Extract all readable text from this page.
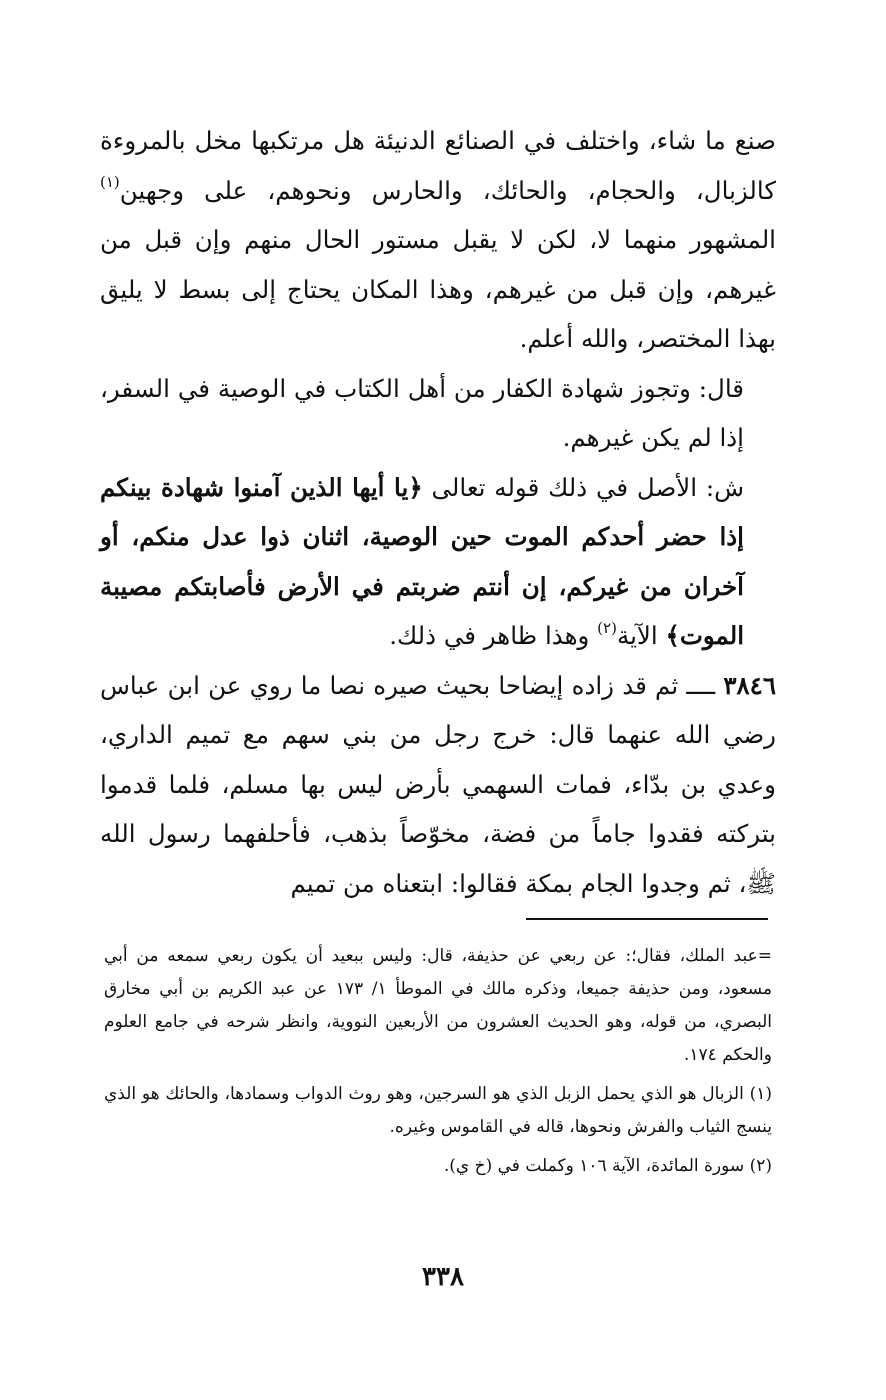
صنع ما شاء، واختلف في الصنائع الدنيئة هل مرتكبها مخل بالمروءة كالزبال، والحجام، والحائك، والحارس ونحوهم، على وجهين$^{(١)}$ المشهور منهما لا، لكن لا يقبل مستور الحال منهم وإن قبل من غيرهم، وإن قبل من غيرهم، وهذا المكان يحتاج إلى بسط لا يليق بهذا المختصر، والله أعلم.

قال: وتجوز شهادة الكفار من أهل الكتاب في الوصية في السفر، إذا لم يكن غيرهم.

ش: الأصل في ذلك قوله تعالى ﴿يا أيها الذين آمنوا شهادة بينكم إذا حضر أحدكم الموت حين الوصية، اثنان ذوا عدل منكم، أو آخران من غيركم، إن أنتم ضربتم في الأرض فأصابتكم مصيبة الموت﴾ الآية$^{(٢)}$ وهذا ظاهر في ذلك.

٣٨٤٦ ــــ ثم قد زاده إيضاحا بحيث صيره نصا ما روي عن ابن عباس رضي الله عنهما قال: خرج رجل من بني سهم مع تميم الداري، وعدي بن بدّاء، فمات السهمي بأرض ليس بها مسلم، فلما قدموا بتركته فقدوا جاماً من فضة، مخوّصاً بذهب، فأحلفهما رسول الله ﷺ، ثم وجدوا الجام بمكة فقالوا: ابتعناه من تميم

=عبد الملك، فقال؛: عن ربعي عن حذيفة، قال: وليس ببعيد أن يكون ربعي سمعه من أبي مسعود، ومن حذيفة جميعا، وذكره مالك في الموطأ ١/ ١٧٣ عن عبد الكريم بن أبي مخارق البصري، من قوله، وهو الحديث العشرون من الأربعين النووية، وانظر شرحه في جامع العلوم والحكم ١٧٤.

(١) الزبال هو الذي يحمل الزبل الذي هو السرجين، وهو روث الدواب وسمادها، والحائك هو الذي ينسج الثياب والفرش ونحوها، قاله في القاموس وغيره.

(٢) سورة المائدة، الآية ١٠٦ وكملت في (خ ي).

٣٣٨
